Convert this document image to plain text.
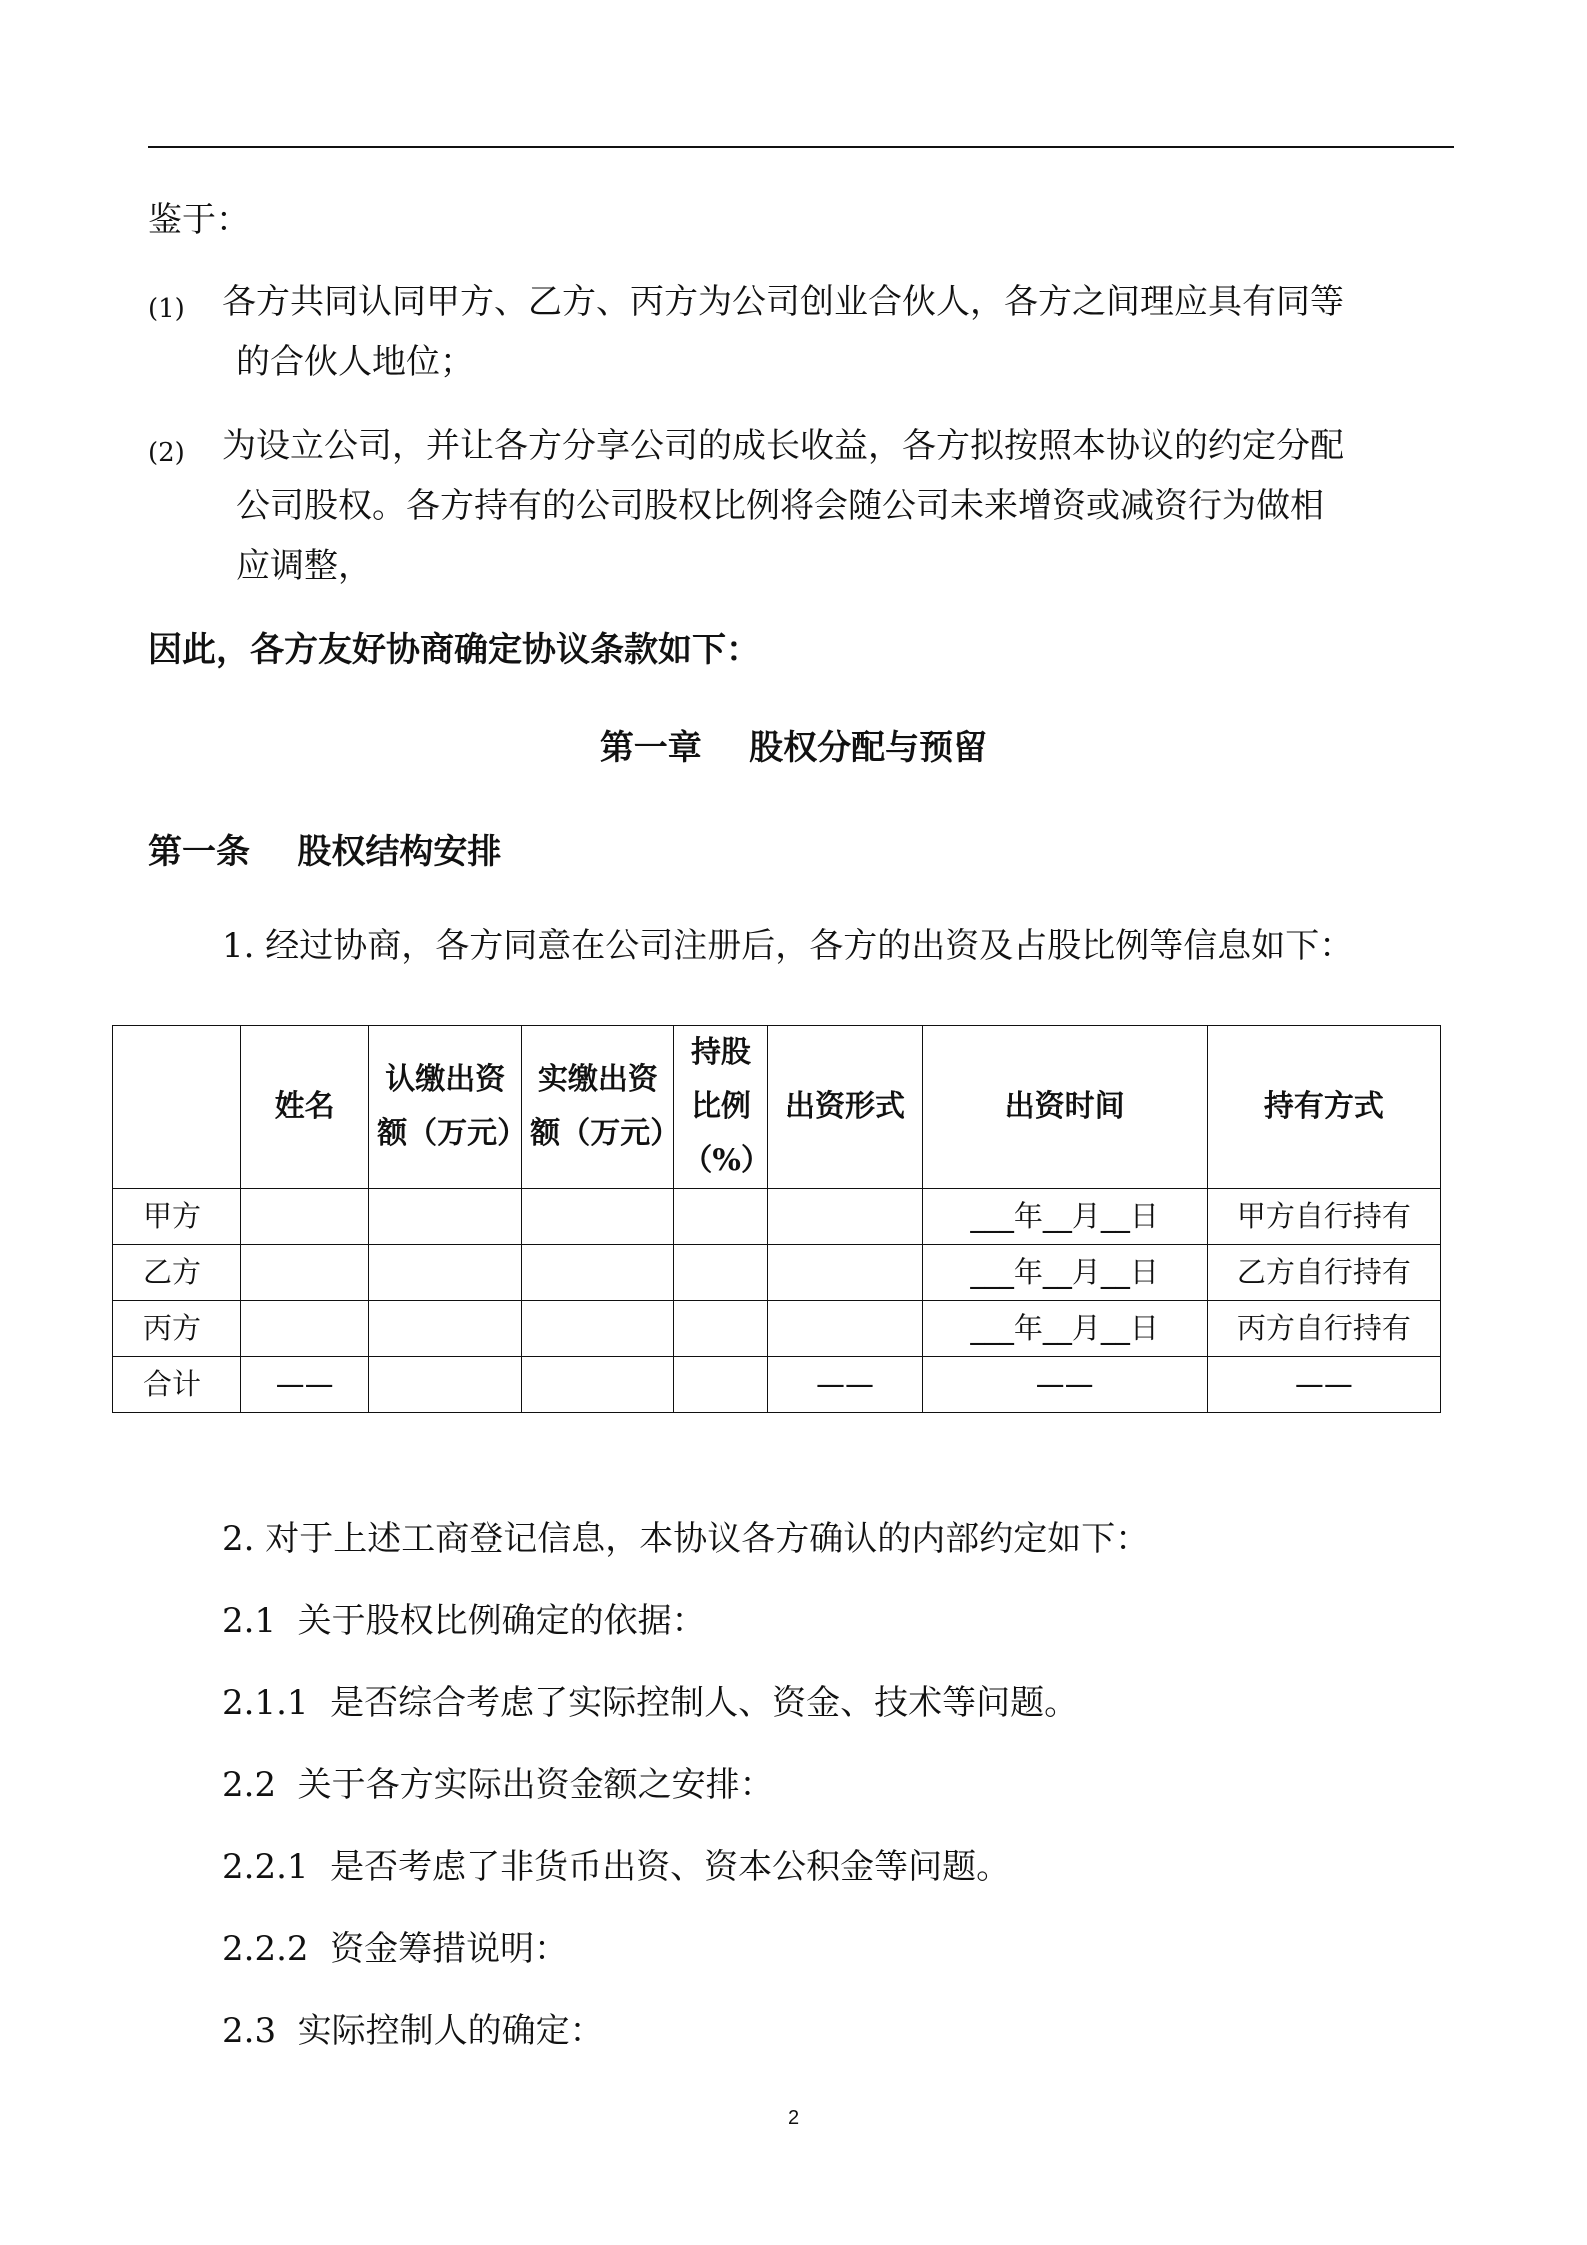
鉴于：

(1) 各方共同认同甲方、乙方、丙方为公司创业合伙人，各方之间理应具有同等

的合伙人地位；

(2) 为设立公司，并让各方分享公司的成长收益，各方拟按照本协议的约定分配

公司股权。各方持有的公司股权比例将会随公司未来增资或减资行为做相

应调整，

因此，各方友好协商确定协议条款如下：

第一章    股权分配与预留

第一条    股权结构安排

1. 经过协商，各方同意在公司注册后，各方的出资及占股比例等信息如下：

	姓名	认缴出资额（万元）	实缴出资额（万元）	持股比例（%）	出资形式	出资时间	持有方式
甲方						___年__月__日	甲方自行持有
乙方						___年__月__日	乙方自行持有
丙方						___年__月__日	丙方自行持有
合计	——				——	——	——

2. 对于上述工商登记信息，本协议各方确认的内部约定如下：

2.1  关于股权比例确定的依据：

2.1.1  是否综合考虑了实际控制人、资金、技术等问题。

2.2  关于各方实际出资金额之安排：

2.2.1  是否考虑了非货币出资、资本公积金等问题。

2.2.2  资金筹措说明：

2.3  实际控制人的确定：

2
